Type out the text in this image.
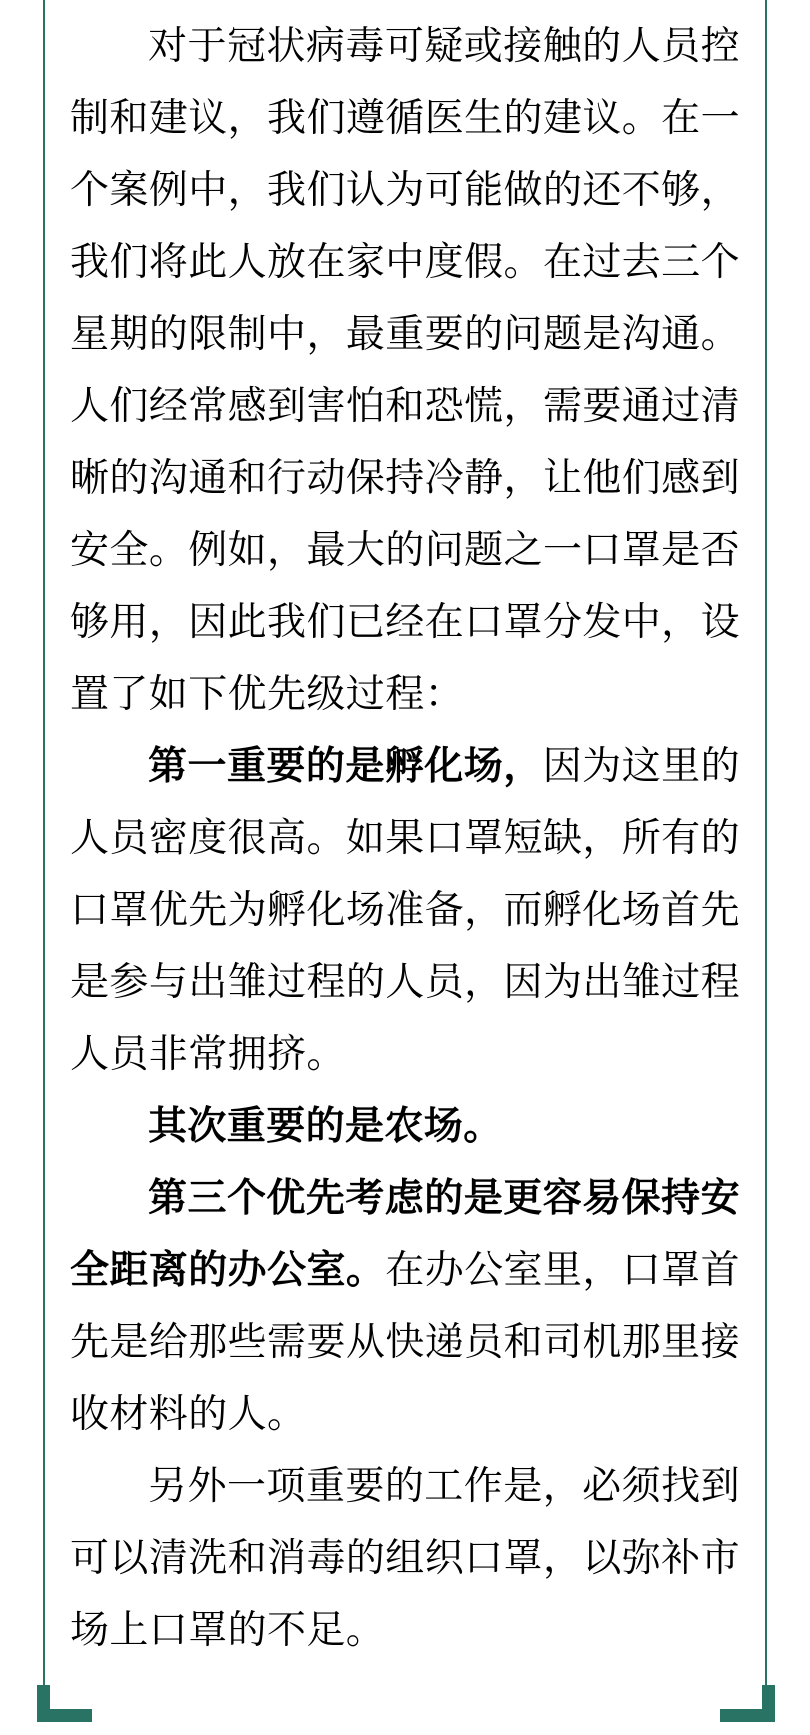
对于冠状病毒可疑或接触的人员控制和建议，我们遵循医生的建议。在一个案例中，我们认为可能做的还不够，我们将此人放在家中度假。在过去三个星期的限制中，最重要的问题是沟通。人们经常感到害怕和恐慌，需要通过清晰的沟通和行动保持冷静，让他们感到安全。例如，最大的问题之一口罩是否够用，因此我们已经在口罩分发中，设置了如下优先级过程：

第一重要的是孵化场，因为这里的人员密度很高。如果口罩短缺，所有的口罩优先为孵化场准备，而孵化场首先是参与出雏过程的人员，因为出雏过程人员非常拥挤。

其次重要的是农场。

第三个优先考虑的是更容易保持安全距离的办公室。在办公室里，口罩首先是给那些需要从快递员和司机那里接收材料的人。

另外一项重要的工作是，必须找到可以清洗和消毒的组织口罩，以弥补市场上口罩的不足。
